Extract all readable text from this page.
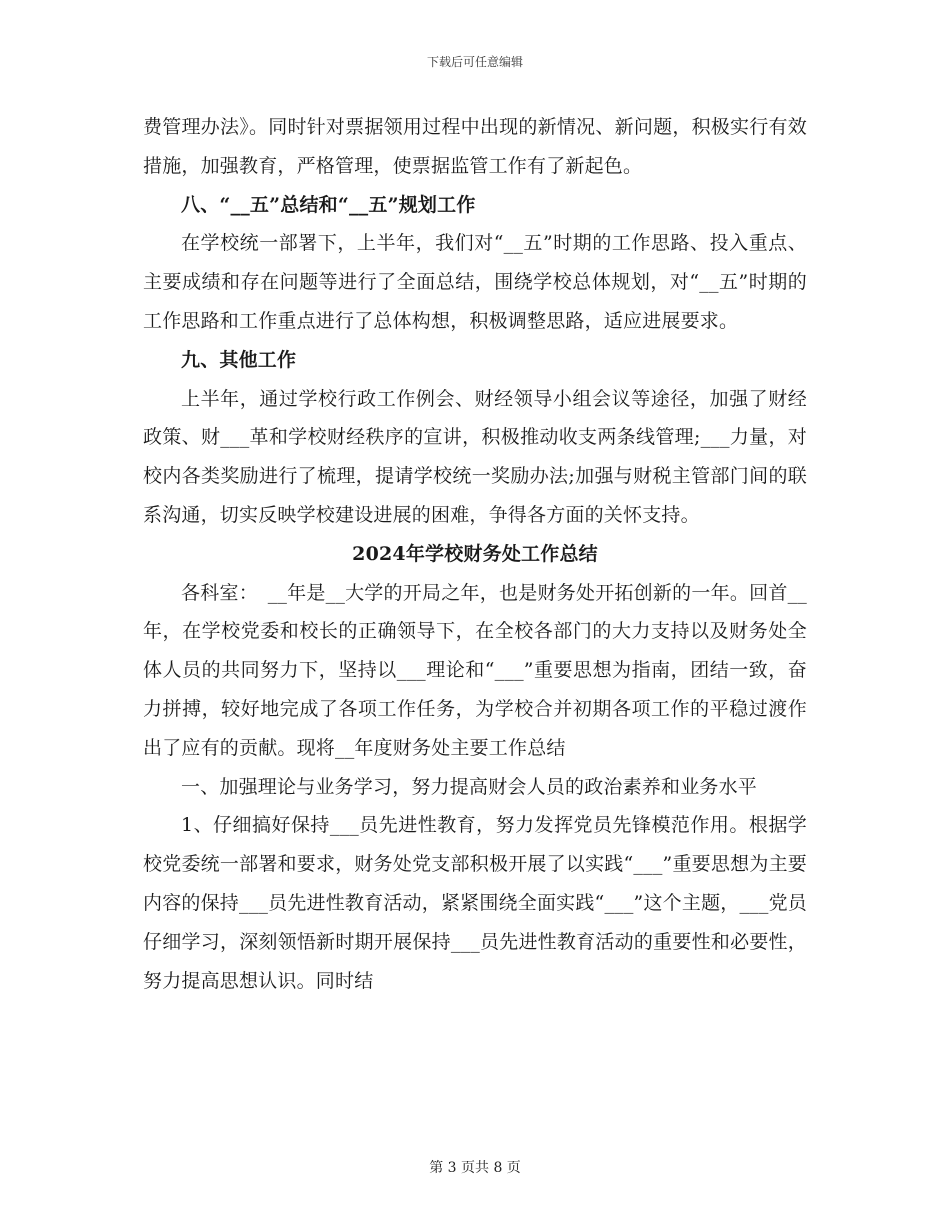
下载后可任意编辑

费管理办法》。同时针对票据领用过程中出现的新情况、新问题，积极实行有效措施，加强教育，严格管理，使票据监管工作有了新起色。

八、“__五”总结和“__五”规划工作

在学校统一部署下，上半年，我们对“__五”时期的工作思路、投入重点、主要成绩和存在问题等进行了全面总结，围绕学校总体规划，对“__五”时期的工作思路和工作重点进行了总体构想，积极调整思路，适应进展要求。

九、其他工作

上半年，通过学校行政工作例会、财经领导小组会议等途径，加强了财经政策、财___革和学校财经秩序的宣讲，积极推动收支两条线管理;___力量，对校内各类奖励进行了梳理，提请学校统一奖励办法;加强与财税主管部门间的联系沟通，切实反映学校建设进展的困难，争得各方面的关怀支持。

2024年学校财务处工作总结

各科室：　__年是__大学的开局之年，也是财务处开拓创新的一年。回首__年，在学校党委和校长的正确领导下，在全校各部门的大力支持以及财务处全体人员的共同努力下，坚持以___理论和“___”重要思想为指南，团结一致，奋力拼搏，较好地完成了各项工作任务，为学校合并初期各项工作的平稳过渡作出了应有的贡献。现将__年度财务处主要工作总结

一、加强理论与业务学习，努力提高财会人员的政治素养和业务水平

1、仔细搞好保持___员先进性教育，努力发挥党员先锋模范作用。根据学校党委统一部署和要求，财务处党支部积极开展了以实践“___”重要思想为主要内容的保持___员先进性教育活动，紧紧围绕全面实践“___”这个主题，___党员仔细学习，深刻领悟新时期开展保持___员先进性教育活动的重要性和必要性，努力提高思想认识。同时结

第 3 页共 8 页
